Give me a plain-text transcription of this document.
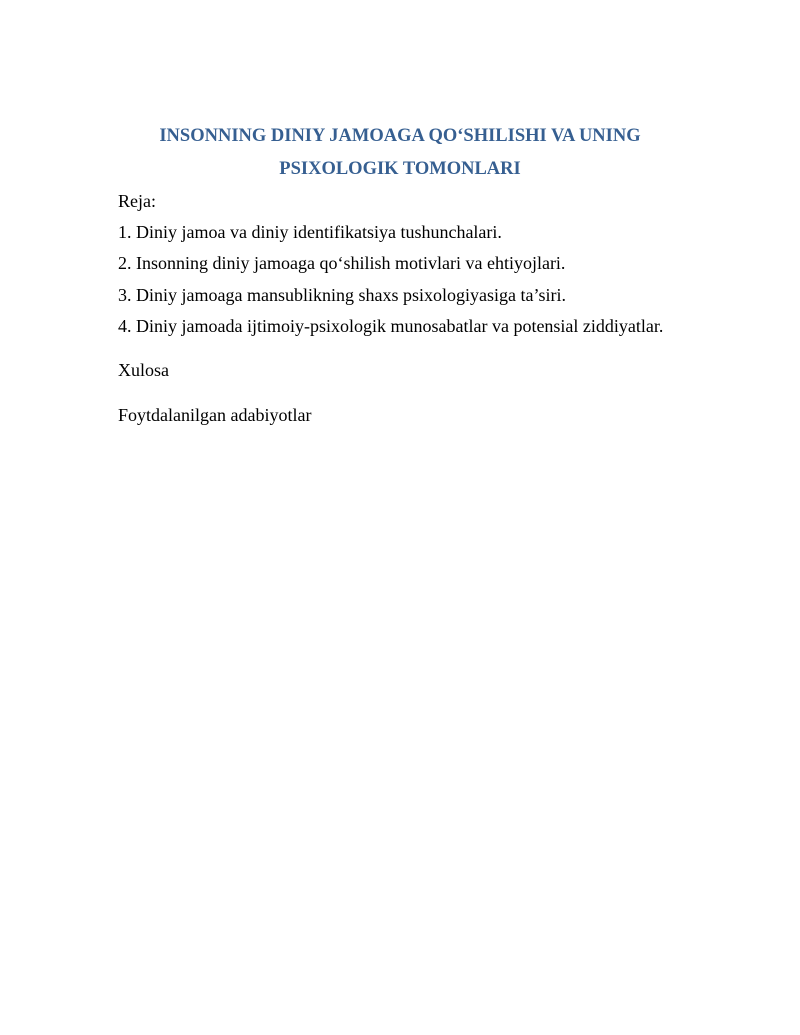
INSONNING DINIY JAMOAGA QO‘SHILISHI VA UNING
PSIXOLOGIK TOMONLARI

Reja:

1. Diniy jamoa va diniy identifikatsiya tushunchalari.

2. Insonning diniy jamoaga qo‘shilish motivlari va ehtiyojlari.

3. Diniy jamoaga mansublikning shaxs psixologiyasiga ta’siri.

4. Diniy jamoada ijtimoiy-psixologik munosabatlar va potensial ziddiyatlar.

Xulosa

Foytdalanilgan adabiyotlar
